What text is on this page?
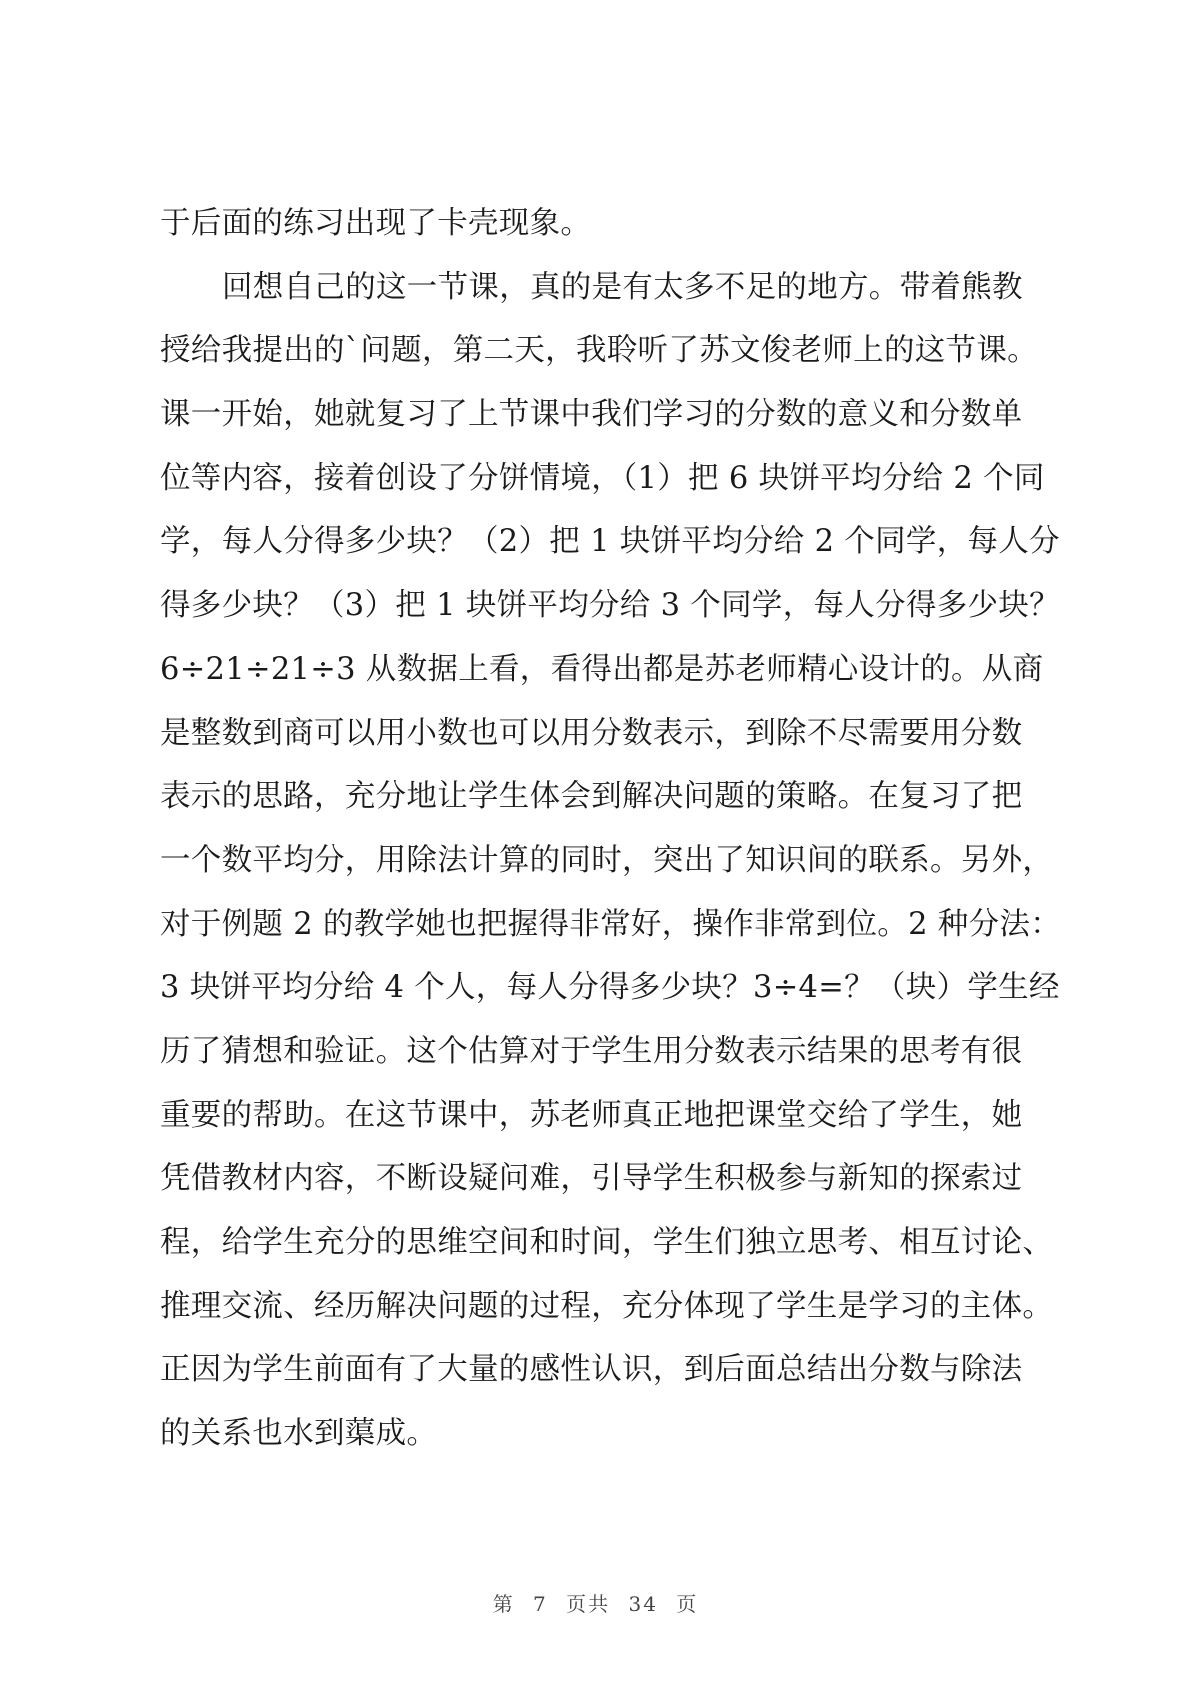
于后面的练习出现了卡壳现象。
回想自己的这一节课，真的是有太多不足的地方。带着熊教
授给我提出的`问题，第二天，我聆听了苏文俊老师上的这节课。
课一开始，她就复习了上节课中我们学习的分数的意义和分数单
位等内容，接着创设了分饼情境，（1）把 6 块饼平均分给 2 个同
学，每人分得多少块？（2）把 1 块饼平均分给 2 个同学，每人分
得多少块？（3）把 1 块饼平均分给 3 个同学，每人分得多少块？
6÷21÷21÷3 从数据上看，看得出都是苏老师精心设计的。从商
是整数到商可以用小数也可以用分数表示，到除不尽需要用分数
表示的思路，充分地让学生体会到解决问题的策略。在复习了把
一个数平均分，用除法计算的同时，突出了知识间的联系。另外，
对于例题 2 的教学她也把握得非常好，操作非常到位。2 种分法：
3 块饼平均分给 4 个人，每人分得多少块？3÷4=？（块）学生经
历了猜想和验证。这个估算对于学生用分数表示结果的思考有很
重要的帮助。在这节课中，苏老师真正地把课堂交给了学生，她
凭借教材内容，不断设疑问难，引导学生积极参与新知的探索过
程，给学生充分的思维空间和时间，学生们独立思考、相互讨论、
推理交流、经历解决问题的过程，充分体现了学生是学习的主体。
正因为学生前面有了大量的感性认识，到后面总结出分数与除法
的关系也水到蕖成。
第 7 页共 34 页
